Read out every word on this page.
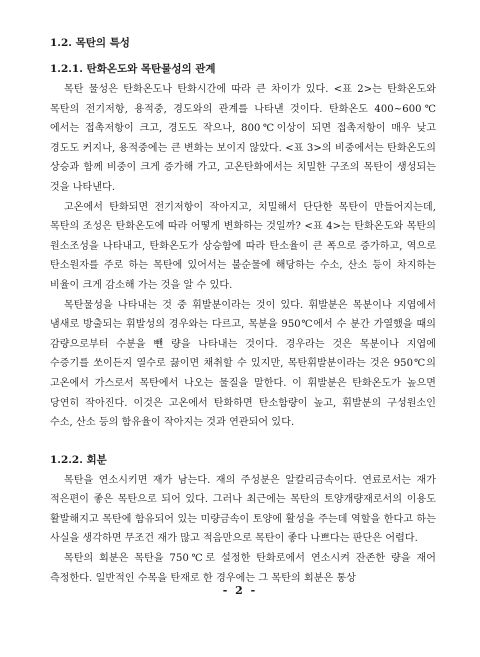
1.2. 목탄의 특성
1.2.1. 탄화온도와 목탄물성의 관계

목탄 물성은 탄화온도나 탄화시간에 따라 큰 차이가 있다. <표 2>는 탄화온도와 목탄의 전기저항, 용적중, 경도와의 관계를 나타낸 것이다. 탄화온도 400~600℃에서는 접촉저항이 크고, 경도도 작으나, 800℃이상이 되면 접촉저항이 매우 낮고 경도도 커지나, 용적중에는 큰 변화는 보이지 않았다. <표 3>의 비중에서는 탄화온도의 상승과 함께 비중이 크게 증가해 가고, 고온탄화에서는 치밀한 구조의 목탄이 생성되는 것을 나타낸다.

고온에서 탄화되면 전기저항이 작아지고, 치밀해서 단단한 목탄이 만들어지는데, 목탄의 조성은 탄화온도에 따라 어떻게 변화하는 것일까? <표 4>는 탄화온도와 목탄의 원소조성을 나타내고, 탄화온도가 상승함에 따라 탄소율이 큰 폭으로 증가하고, 역으로 탄소원자를 주로 하는 목탄에 있어서는 불순물에 해당하는 수소, 산소 등이 차지하는 비율이 크게 감소해 가는 것을 알 수 있다.

목탄물성을 나타내는 것 중 휘발분이라는 것이 있다. 휘발분은 목분이나 지엽에서 냄새로 방출되는 휘발성의 경우와는 다르고, 목분을 950℃에서 수 분간 가열했을 때의 감량으로부터 수분을 뺀 량을 나타내는 것이다. 경우라는 것은 목분이나 지엽에 수증기를 쏘이든지 열수로 끓이면 채취할 수 있지만, 목탄휘발분이라는 것은 950℃의 고온에서 가스로서 목탄에서 나오는 물질을 말한다. 이 휘발분은 탄화온도가 높으면 당연히 작아진다. 이것은 고온에서 탄화하면 탄소함량이 높고, 휘발분의 구성원소인 수소, 산소 등의 함유율이 작아지는 것과 연관되어 있다.

1.2.2. 회분

목탄을 연소시키면 재가 남는다. 재의 주성분은 알칼리금속이다. 연료로서는 재가 적은편이 좋은 목탄으로 되어 있다. 그러나 최근에는 목탄의 토양개량재로서의 이용도 활발해지고 목탄에 함유되어 있는 미량금속이 토양에 활성을 주는데 역할을 한다고 하는 사실을 생각하면 무조건 재가 많고 적음만으로 목탄이 좋다 나쁘다는 판단은 어렵다.

목탄의 회분은 목탄을 750℃로 설정한 탄화로에서 연소시켜 잔존한 량을 재어 측정한다. 일반적인 수목을 탄재로 한 경우에는 그 목탄의 회분은 통상

- 2 -
